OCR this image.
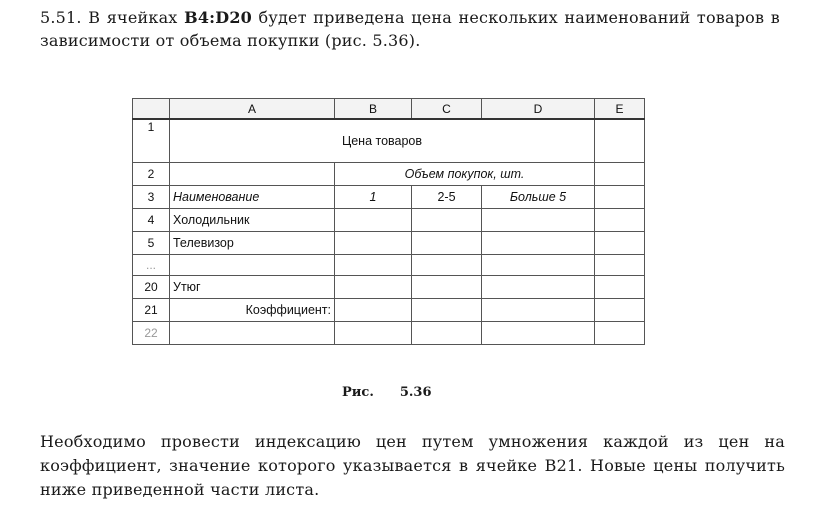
5.51. В ячейках B4:D20 будет приведена цена нескольких наименований товаров в зависимости от объема покупки (рис. 5.36).
	A	B	C	D	E
1	Цена товаров				
2		Объем покупок, шт.			
3	Наименование	1	2-5	Больше 5	
4	Холодильник				
5	Телевизор				
...					
20	Утюг				
21	Коэффициент:				
22					
Рис. 5.36
Необходимо провести индексацию цен путем умножения каждой из цен на коэффициент, значение которого указывается в ячейке B21. Новые цены получить ниже приведенной части листа.
